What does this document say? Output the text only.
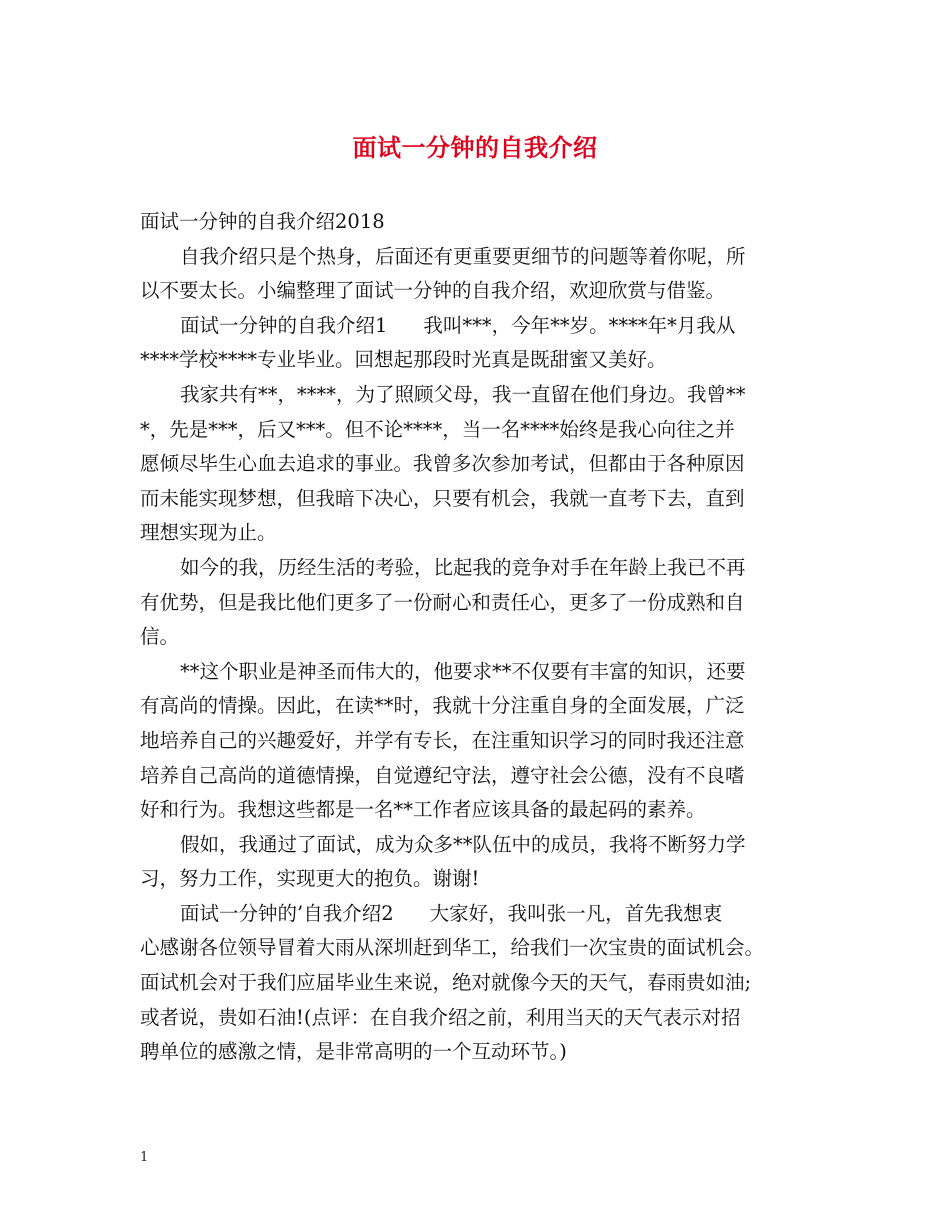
面试一分钟的自我介绍
面试一分钟的自我介绍2018
自我介绍只是个热身，后面还有更重要更细节的问题等着你呢，所
以不要太长。小编整理了面试一分钟的自我介绍，欢迎欣赏与借鉴。
面试一分钟的自我介绍1 我叫***，今年**岁。****年*月我从
****学校****专业毕业。回想起那段时光真是既甜蜜又美好。
我家共有**，****，为了照顾父母，我一直留在他们身边。我曾**
*，先是***，后又***。但不论****，当一名****始终是我心向往之并
愿倾尽毕生心血去追求的事业。我曾多次参加考试，但都由于各种原因
而未能实现梦想，但我暗下决心，只要有机会，我就一直考下去，直到
理想实现为止。
如今的我，历经生活的考验，比起我的竞争对手在年龄上我已不再
有优势，但是我比他们更多了一份耐心和责任心，更多了一份成熟和自
信。
**这个职业是神圣而伟大的，他要求**不仅要有丰富的知识，还要
有高尚的情操。因此，在读**时，我就十分注重自身的全面发展，广泛
地培养自己的兴趣爱好，并学有专长，在注重知识学习的同时我还注意
培养自己高尚的道德情操，自觉遵纪守法，遵守社会公德，没有不良嗜
好和行为。我想这些都是一名**工作者应该具备的最起码的素养。
假如，我通过了面试，成为众多**队伍中的成员，我将不断努力学
习，努力工作，实现更大的抱负。谢谢!
面试一分钟的’自我介绍2 大家好，我叫张一凡，首先我想衷
心感谢各位领导冒着大雨从深圳赶到华工，给我们一次宝贵的面试机会。
面试机会对于我们应届毕业生来说，绝对就像今天的天气，春雨贵如油;
或者说，贵如石油!(点评：在自我介绍之前，利用当天的天气表示对招
聘单位的感激之情，是非常高明的一个互动环节。)
1
